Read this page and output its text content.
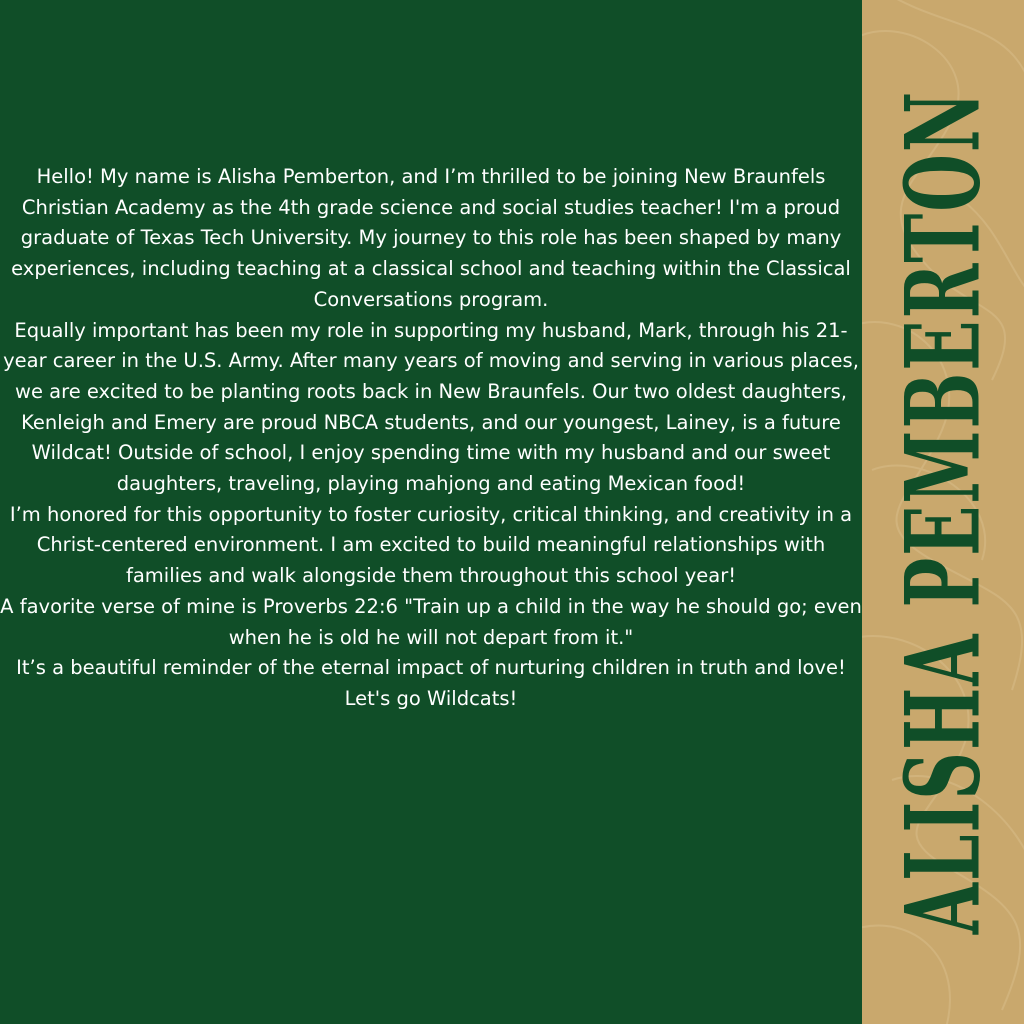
Hello! My name is Alisha Pemberton, and I’m thrilled to be joining New Braunfels Christian Academy as the 4th grade science and social studies teacher! I'm a proud graduate of Texas Tech University. My journey to this role has been shaped by many experiences, including teaching at a classical school and teaching within the Classical Conversations program.

Equally important has been my role in supporting my husband, Mark, through his 21-year career in the U.S. Army. After many years of moving and serving in various places, we are excited to be planting roots back in New Braunfels. Our two oldest daughters, Kenleigh and Emery are proud NBCA students, and our youngest, Lainey, is a future Wildcat! Outside of school, I enjoy spending time with my husband and our sweet daughters, traveling, playing mahjong and eating Mexican food!

I’m honored for this opportunity to foster curiosity, critical thinking, and creativity in a Christ-centered environment. I am excited to build meaningful relationships with families and walk alongside them throughout this school year!

A favorite verse of mine is Proverbs 22:6 "Train up a child in the way he should go; even when he is old he will not depart from it."

It’s a beautiful reminder of the eternal impact of nurturing children in truth and love!

Let's go Wildcats!	ALISHA PEMBERTON
